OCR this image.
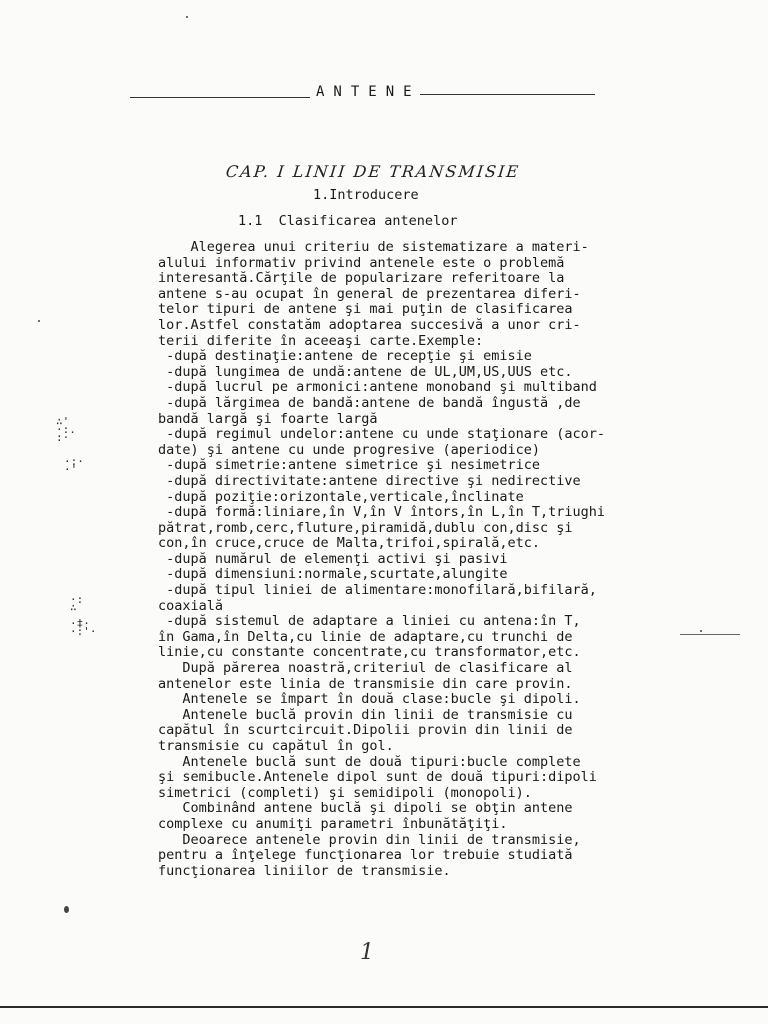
ANTENE
CAP. I LINII DE TRANSMISIE
1.Introducere
1.1  Clasificarea antenelor
Alegerea unui criteriu de sistematizare a materi-
alului informativ privind antenele este o problemă
interesantă.Cărţile de popularizare referitoare la
antene s-au ocupat în general de prezentarea diferi-
telor tipuri de antene şi mai puţin de clasificarea
lor.Astfel constatăm adoptarea succesivă a unor cri-
terii diferite în aceeaşi carte.Exemple:
-după destinaţie:antene de recepţie şi emisie
-după lungimea de undă:antene de UL,UM,US,UUS etc.
-după lucrul pe armonici:antene monoband şi multiband
-după lărgimea de bandă:antene de bandă îngustă ,de
bandă largă şi foarte largă
-după regimul undelor:antene cu unde staţionare (acor-
date) şi antene cu unde progresive (aperiodice)
-după simetrie:antene simetrice şi nesimetrice
-după directivitate:antene directive şi nedirective
-după poziţie:orizontale,verticale,înclinate
-după formă:liniare,în V,în V întors,în L,în T,triughi
pătrat,romb,cerc,fluture,piramidă,dublu con,disc şi
con,în cruce,cruce de Malta,trifoi,spirală,etc.
-după numărul de elemenţi activi şi pasivi
-după dimensiuni:normale,scurtate,alungite
-după tipul liniei de alimentare:monofilară,bifilară,
coaxială
-după sistemul de adaptare a liniei cu antena:în T,
în Gama,în Delta,cu linie de adaptare,cu trunchi de
linie,cu constante concentrate,cu transformator,etc.
După părerea noastră,criteriul de clasificare al
antenelor este linia de transmisie din care provin.
Antenele se împart în două clase:bucle şi dipoli.
Antenele buclă provin din linii de transmisie cu
capătul în scurtcircuit.Dipolii provin din linii de
transmisie cu capătul în gol.
Antenele buclă sunt de două tipuri:bucle complete
şi semibucle.Antenele dipol sunt de două tipuri:dipoli
simetrici (completi) şi semidipoli (monopoli).
Combinând antene buclă şi dipoli se obţin antene
complexe cu anumiţi parametri înbunătăţiţi.
Deoarece antenele provin din linii de transmisie,
pentru a înţelege funcţionarea lor trebuie studiată
funcţionarea liniilor de transmisie.

1
∴'
·:.
:·
·:·
·'
·:
∴
·‡·
·:'·
